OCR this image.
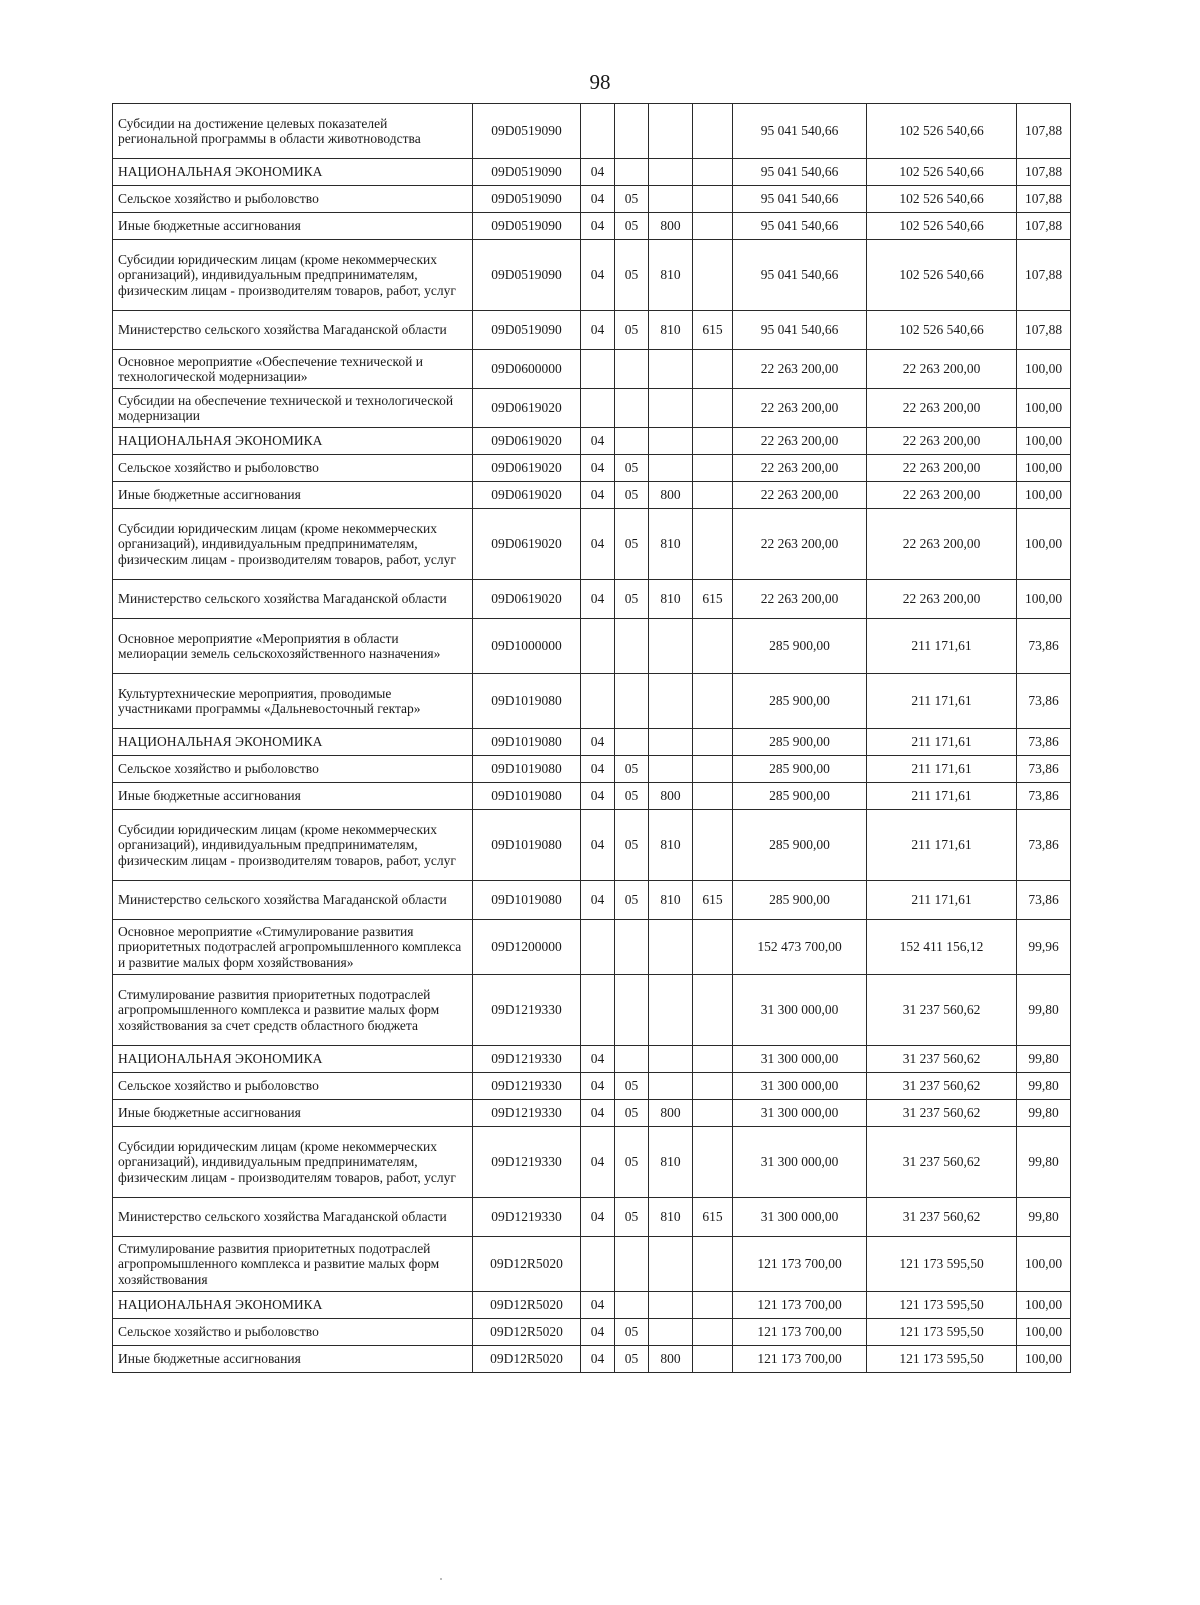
98
Субсидии на достижение целевых показателей региональной программы в области животноводства	09D0519090					95 041 540,66	102 526 540,66	107,88
НАЦИОНАЛЬНАЯ ЭКОНОМИКА	09D0519090	04				95 041 540,66	102 526 540,66	107,88
Сельское хозяйство и рыболовство	09D0519090	04	05			95 041 540,66	102 526 540,66	107,88
Иные бюджетные ассигнования	09D0519090	04	05	800		95 041 540,66	102 526 540,66	107,88
Субсидии юридическим лицам (кроме некоммерческих организаций), индивидуальным предпринимателям, физическим лицам - производителям товаров, работ, услуг	09D0519090	04	05	810		95 041 540,66	102 526 540,66	107,88
Министерство сельского хозяйства Магаданской области	09D0519090	04	05	810	615	95 041 540,66	102 526 540,66	107,88
Основное мероприятие «Обеспечение технической и технологической модернизации»	09D0600000					22 263 200,00	22 263 200,00	100,00
Субсидии на обеспечение технической и технологической модернизации	09D0619020					22 263 200,00	22 263 200,00	100,00
НАЦИОНАЛЬНАЯ ЭКОНОМИКА	09D0619020	04				22 263 200,00	22 263 200,00	100,00
Сельское хозяйство и рыболовство	09D0619020	04	05			22 263 200,00	22 263 200,00	100,00
Иные бюджетные ассигнования	09D0619020	04	05	800		22 263 200,00	22 263 200,00	100,00
Субсидии юридическим лицам (кроме некоммерческих организаций), индивидуальным предпринимателям, физическим лицам - производителям товаров, работ, услуг	09D0619020	04	05	810		22 263 200,00	22 263 200,00	100,00
Министерство сельского хозяйства Магаданской области	09D0619020	04	05	810	615	22 263 200,00	22 263 200,00	100,00
Основное мероприятие «Мероприятия в области мелиорации земель сельскохозяйственного назначения»	09D1000000					285 900,00	211 171,61	73,86
Культуртехнические мероприятия, проводимые участниками программы «Дальневосточный гектар»	09D1019080					285 900,00	211 171,61	73,86
НАЦИОНАЛЬНАЯ ЭКОНОМИКА	09D1019080	04				285 900,00	211 171,61	73,86
Сельское хозяйство и рыболовство	09D1019080	04	05			285 900,00	211 171,61	73,86
Иные бюджетные ассигнования	09D1019080	04	05	800		285 900,00	211 171,61	73,86
Субсидии юридическим лицам (кроме некоммерческих организаций), индивидуальным предпринимателям, физическим лицам - производителям товаров, работ, услуг	09D1019080	04	05	810		285 900,00	211 171,61	73,86
Министерство сельского хозяйства Магаданской области	09D1019080	04	05	810	615	285 900,00	211 171,61	73,86
Основное мероприятие «Стимулирование развития приоритетных подотраслей агропромышленного комплекса и развитие малых форм хозяйствования»	09D1200000					152 473 700,00	152 411 156,12	99,96
Стимулирование развития приоритетных подотраслей агропромышленного комплекса и развитие малых форм хозяйствования за счет средств областного бюджета	09D1219330					31 300 000,00	31 237 560,62	99,80
НАЦИОНАЛЬНАЯ ЭКОНОМИКА	09D1219330	04				31 300 000,00	31 237 560,62	99,80
Сельское хозяйство и рыболовство	09D1219330	04	05			31 300 000,00	31 237 560,62	99,80
Иные бюджетные ассигнования	09D1219330	04	05	800		31 300 000,00	31 237 560,62	99,80
Субсидии юридическим лицам (кроме некоммерческих организаций), индивидуальным предпринимателям, физическим лицам - производителям товаров, работ, услуг	09D1219330	04	05	810		31 300 000,00	31 237 560,62	99,80
Министерство сельского хозяйства Магаданской области	09D1219330	04	05	810	615	31 300 000,00	31 237 560,62	99,80
Стимулирование развития приоритетных подотраслей агропромышленного комплекса и развитие малых форм хозяйствования	09D12R5020					121 173 700,00	121 173 595,50	100,00
НАЦИОНАЛЬНАЯ ЭКОНОМИКА	09D12R5020	04				121 173 700,00	121 173 595,50	100,00
Сельское хозяйство и рыболовство	09D12R5020	04	05			121 173 700,00	121 173 595,50	100,00
Иные бюджетные ассигнования	09D12R5020	04	05	800		121 173 700,00	121 173 595,50	100,00
